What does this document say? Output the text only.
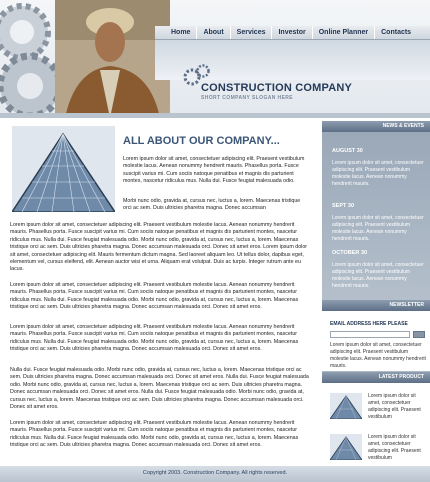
Home	About	Services	Investor	Online Planner	Contacts
CONSTRUCTION COMPANY
SHORT COMPANY SLOGAN HERE
ALL ABOUT OUR COMPANY...

Lorem ipsum dolor sit amet, consectetuer adipiscing elit. Praesent vestibulum molestie lacus. Aenean nonummy hendrerit mauris. Phasellus porta. Fusce suscipit varius mi. Cum sociis natoque penatibus et magnis dis parturient montes, nascetur ridiculus mus. Nulla dui. Fusce feugiat malesuada odio.

Morbi nunc odio, gravida at, cursus nec, luctus a, lorem. Maecenas tristique orci ac sem. Duis ultricies pharetra magna. Donec accumsan

Lorem ipsum dolor sit amet, consectetuer adipiscing elit. Praesent vestibulum molestie lacus. Aenean nonummy hendrerit mauris. Phasellus porta. Fusce suscipit varius mi. Cum sociis natoque penatibus et magnis dis parturient montes, nascetur ridiculus mus. Nulla dui. Fusce feugiat malesuada odio. Morbi nunc odio, gravida at, cursus nec, luctus a, lorem. Maecenas tristique orci ac sem. Duis ultricies pharetra magna. Donec accumsan malesuada orci. Donec sit amet eros. Lorem ipsum dolor sit amet, consectetuer adipiscing elit. Mauris fermentum dictum magna. Sed laoreet aliquam leo. Ut tellus dolor, dapibus eget, elementum vel, cursus eleifend, elit. Aenean auctor wisi et urna. Aliquam erat volutpat. Duis ac turpis. Integer rutrum ante eu lacus.

Lorem ipsum dolor sit amet, consectetuer adipiscing elit. Praesent vestibulum molestie lacus. Aenean nonummy hendrerit mauris. Phasellus porta. Fusce suscipit varius mi. Cum sociis natoque penatibus et magnis dis parturient montes, nascetur ridiculus mus. Nulla dui. Fusce feugiat malesuada odio. Morbi nunc odio, gravida at, cursus nec, luctus a, lorem. Maecenas tristique orci ac sem. Duis ultricies pharetra magna. Donec accumsan malesuada orci. Donec sit amet eros.

Lorem ipsum dolor sit amet, consectetuer adipiscing elit. Praesent vestibulum molestie lacus. Aenean nonummy hendrerit mauris. Phasellus porta. Fusce suscipit varius mi. Cum sociis natoque penatibus et magnis dis parturient montes, nascetur ridiculus mus. Nulla dui. Fusce feugiat malesuada odio. Morbi nunc odio, gravida at, cursus nec, luctus a, lorem. Maecenas tristique orci ac sem. Duis ultricies pharetra magna. Donec accumsan malesuada orci. Donec sit amet eros.

Nulla dui. Fusce feugiat malesuada odio. Morbi nunc odio, gravida at, cursus nec, luctus a, lorem. Maecenas tristique orci ac sem. Duis ultricies pharetra magna. Donec accumsan malesuada orci. Donec sit amet eros. Nulla dui. Fusce feugiat malesuada odio. Morbi nunc odio, gravida at, cursus nec, luctus a, lorem. Maecenas tristique orci ac sem. Duis ultricies pharetra magna. Donec accumsan malesuada orci. Donec sit amet eros. Nulla dui. Fusce feugiat malesuada odio. Morbi nunc odio, gravida at, cursus nec, luctus a, lorem. Maecenas tristique orci ac sem. Duis ultricies pharetra magna. Donec accumsan malesuada orci. Donec sit amet eros.

Lorem ipsum dolor sit amet, consectetuer adipiscing elit. Praesent vestibulum molestie lacus. Aenean nonummy hendrerit mauris. Phasellus porta. Fusce suscipit varius mi. Cum sociis natoque penatibus et magnis dis parturient montes, nascetur ridiculus mus. Nulla dui. Fusce feugiat malesuada odio. Morbi nunc odio, gravida at, cursus nec, luctus a, lorem. Maecenas tristique orci ac sem. Duis ultricies pharetra magna. Donec accumsan malesuada orci. Donec sit amet eros.

NEWS & EVENTS
AUGUST 30
Lorem ipsum dolor sit amet, consectetuer adipiscing elit. Praesent vestibulum molestie lacus. Aenean nonummy hendrerit mauris.
SEPT 30
Lorem ipsum dolor sit amet, consectetuer adipiscing elit. Praesent vestibulum molestie lacus. Aenean nonummy hendrerit mauris.
OCTOBER 30
Lorem ipsum dolor sit amet, consectetuer adipiscing elit. Praesent vestibulum molestie lacus. Aenean nonummy hendrerit mauris.
NEWSLETTER
EMAIL ADDRESS HERE PLEASE
Lorem ipsum dolor sit amet, consectetuer adipiscing elit. Praesent vestibulum molestie lacus. Aenean nonummy hendrerit mauris.
LATEST PRODUCT
Lorem ipsum dolor sit amet, consectetuer adipiscing elit. Praesent vestibulum
Lorem ipsum dolor sit amet, consectetuer adipiscing elit. Praesent vestibulum
Copyright 2003. Construction Company. All rights reserved.
